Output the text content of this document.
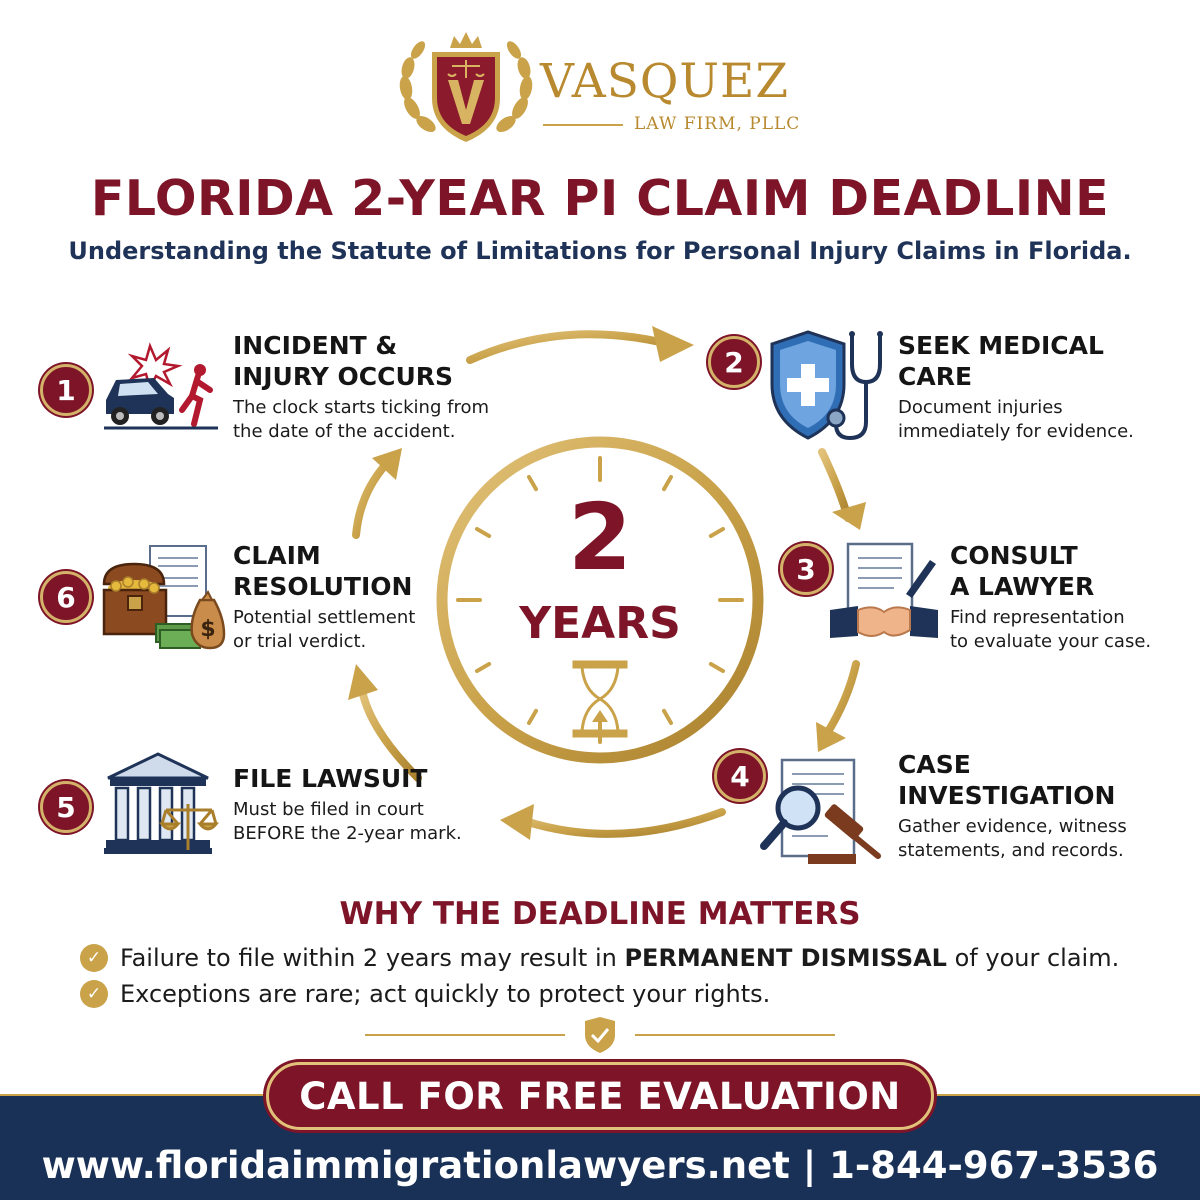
VASQUEZ
LAW FIRM, PLLC
FLORIDA 2-YEAR PI CLAIM DEADLINE
Understanding the Statute of Limitations for Personal Injury Claims in Florida.
2
YEARS
1
INCIDENT &
INJURY OCCURS
The clock starts ticking from
the date of the accident.
2	SEEK MEDICAL
CARE
Document injuries
immediately for evidence.
3	CONSULT
A LAWYER
Find representation
to evaluate your case.
4	CASE
INVESTIGATION
Gather evidence, witness
statements, and records.
5
FILE LAWSUIT
Must be filed in court
BEFORE the 2-year mark.
6
$
CLAIM
RESOLUTION
Potential settlement
or trial verdict.
WHY THE DEADLINE MATTERS
✓ Failure to file within 2 years may result in PERMANENT DISMISSAL of your claim.
✓ Exceptions are rare; act quickly to protect your rights.
CALL FOR FREE EVALUATION
www.floridaimmigrationlawyers.net | 1-844-967-3536
